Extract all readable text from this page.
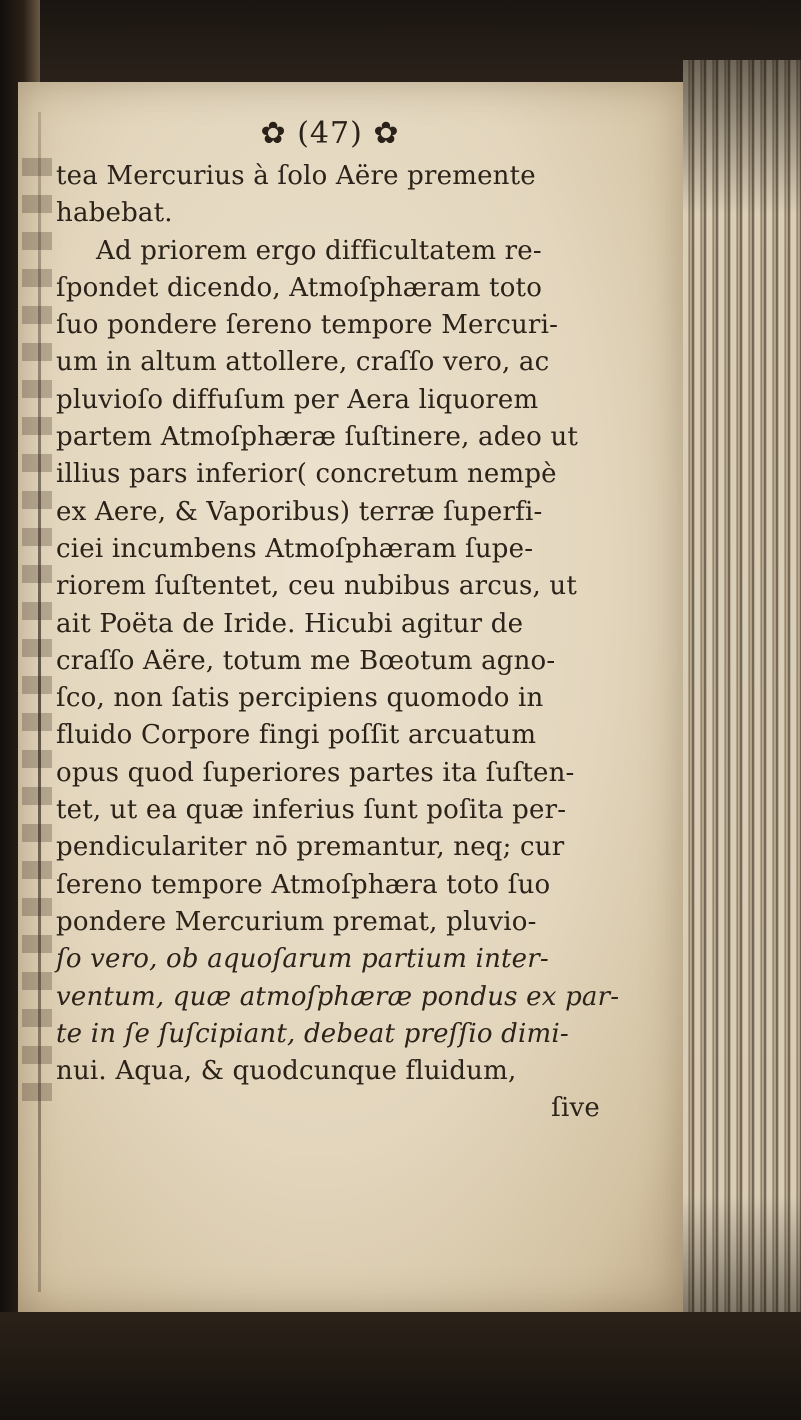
✿ (47) ✿
tea Mercurius à ſolo Aëre premente
habebat.
Ad priorem ergo difficultatem re-
ſpondet dicendo, Atmoſphæram toto
ſuo pondere ſereno tempore Mercuri-
um in altum attollere, craſſo vero, ac
pluvioſo diffuſum per Aera liquorem
partem Atmoſphæræ ſuſtinere, adeo ut
illius pars inferior( concretum nempè
ex Aere, & Vaporibus) terræ ſuperfi-
ciei incumbens Atmoſphæram ſupe-
riorem ſuſtentet, ceu nubibus arcus, ut
ait Poëta de Iride. Hicubi agitur de
craſſo Aëre, totum me Bœotum agno-
ſco, non ſatis percipiens quomodo in
fluido Corpore fingi poſſit arcuatum
opus quod ſuperiores partes ita ſuſten-
tet, ut ea quæ inferius ſunt poſita per-
pendiculariter nō premantur, neq; cur
ſereno tempore Atmoſphæra toto ſuo
pondere Mercurium premat, pluvio-
ſo vero, ob aquoſarum partium inter-
ventum, quæ atmoſphæræ pondus ex par-
te in ſe ſuſcipiant, debeat preſſio dimi-
nui. Aqua, & quodcunque fluidum,
ſive
